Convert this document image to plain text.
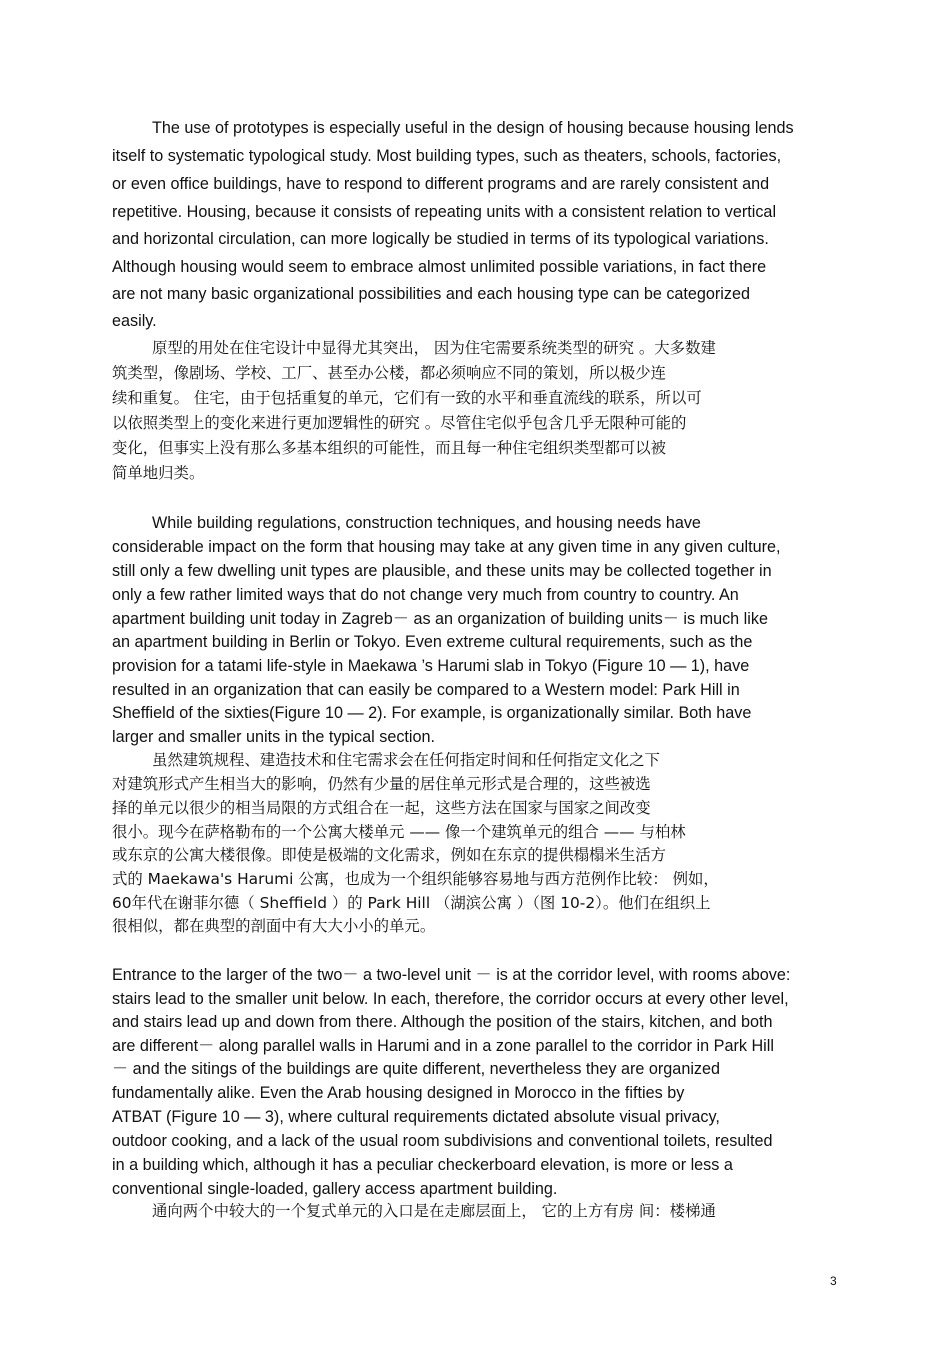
The use of prototypes is especially useful in the design of housing because housing lends
itself to systematic typological study. Most building types, such as theaters, schools, factories,
or even office buildings, have to respond to different programs and are rarely consistent and
repetitive. Housing, because it consists of repeating units with a consistent relation to vertical
and horizontal circulation, can more logically be studied in terms of its typological variations.
Although housing would seem to embrace almost unlimited possible variations, in fact there
are not many basic organizational possibilities and each housing type can be categorized
easily.
原型的用处在住宅设计中显得尤其突出， 因为住宅需要系统类型的研究 。大多数建
筑类型，像剧场、学校、工厂、甚至办公楼，都必须响应不同的策划，所以极少连
续和重复。 住宅，由于包括重复的单元，它们有一致的水平和垂直流线的联系，所以可
以依照类型上的变化来进行更加逻辑性的研究 。尽管住宅似乎包含几乎无限种可能的
变化，但事实上没有那么多基本组织的可能性，而且每一种住宅组织类型都可以被
简单地归类。
While building regulations, construction techniques, and housing needs have
considerable impact on the form that housing may take at any given time in any given culture,
still only a few dwelling unit types are plausible, and these units may be collected together in
only a few rather limited ways that do not change very much from country to country. An
apartment building unit today in Zagreb－ as an organization of building units－ is much like
an apartment building in Berlin or Tokyo. Even extreme cultural requirements, such as the
provision for a tatami life-style in Maekawa ’s Harumi slab in Tokyo (Figure 10 — 1), have
resulted in an organization that can easily be compared to a Western model: Park Hill in
Sheffield of the sixties(Figure 10 — 2). For example, is organizationally similar. Both have
larger and smaller units in the typical section.
虽然建筑规程、建造技术和住宅需求会在任何指定时间和任何指定文化之下
对建筑形式产生相当大的影响，仍然有少量的居住单元形式是合理的，这些被选
择的单元以很少的相当局限的方式组合在一起，这些方法在国家与国家之间改变
很小。现今在萨格勒布的一个公寓大楼单元 —— 像一个建筑单元的组合 —— 与柏林
或东京的公寓大楼很像。即使是极端的文化需求，例如在东京的提供榻榻米生活方
式的 Maekawa's Harumi 公寓，也成为一个组织能够容易地与西方范例作比较： 例如，
60年代在谢菲尔德（ Sheffield ）的 Park Hill （湖滨公寓 ）（图 10-2）。他们在组织上
很相似，都在典型的剖面中有大大小小的单元。
Entrance to the larger of the two－ a two-level unit － is at the corridor level, with rooms above:
stairs lead to the smaller unit below. In each, therefore, the corridor occurs at every other level,
and stairs lead up and down from there. Although the position of the stairs, kitchen, and both
are different－ along parallel walls in Harumi and in a zone parallel to the corridor in Park Hill
－ and the sitings of the buildings are quite different, nevertheless they are organized
fundamentally alike. Even the Arab housing designed in Morocco in the fifties by
ATBAT (Figure 10 — 3), where cultural requirements dictated absolute visual privacy,
outdoor cooking, and a lack of the usual room subdivisions and conventional toilets, resulted
in a building which, although it has a peculiar checkerboard elevation, is more or less a
conventional single-loaded, gallery access apartment building.
通向两个中较大的一个复式单元的入口是在走廊层面上， 它的上方有房 间：楼梯通
3
